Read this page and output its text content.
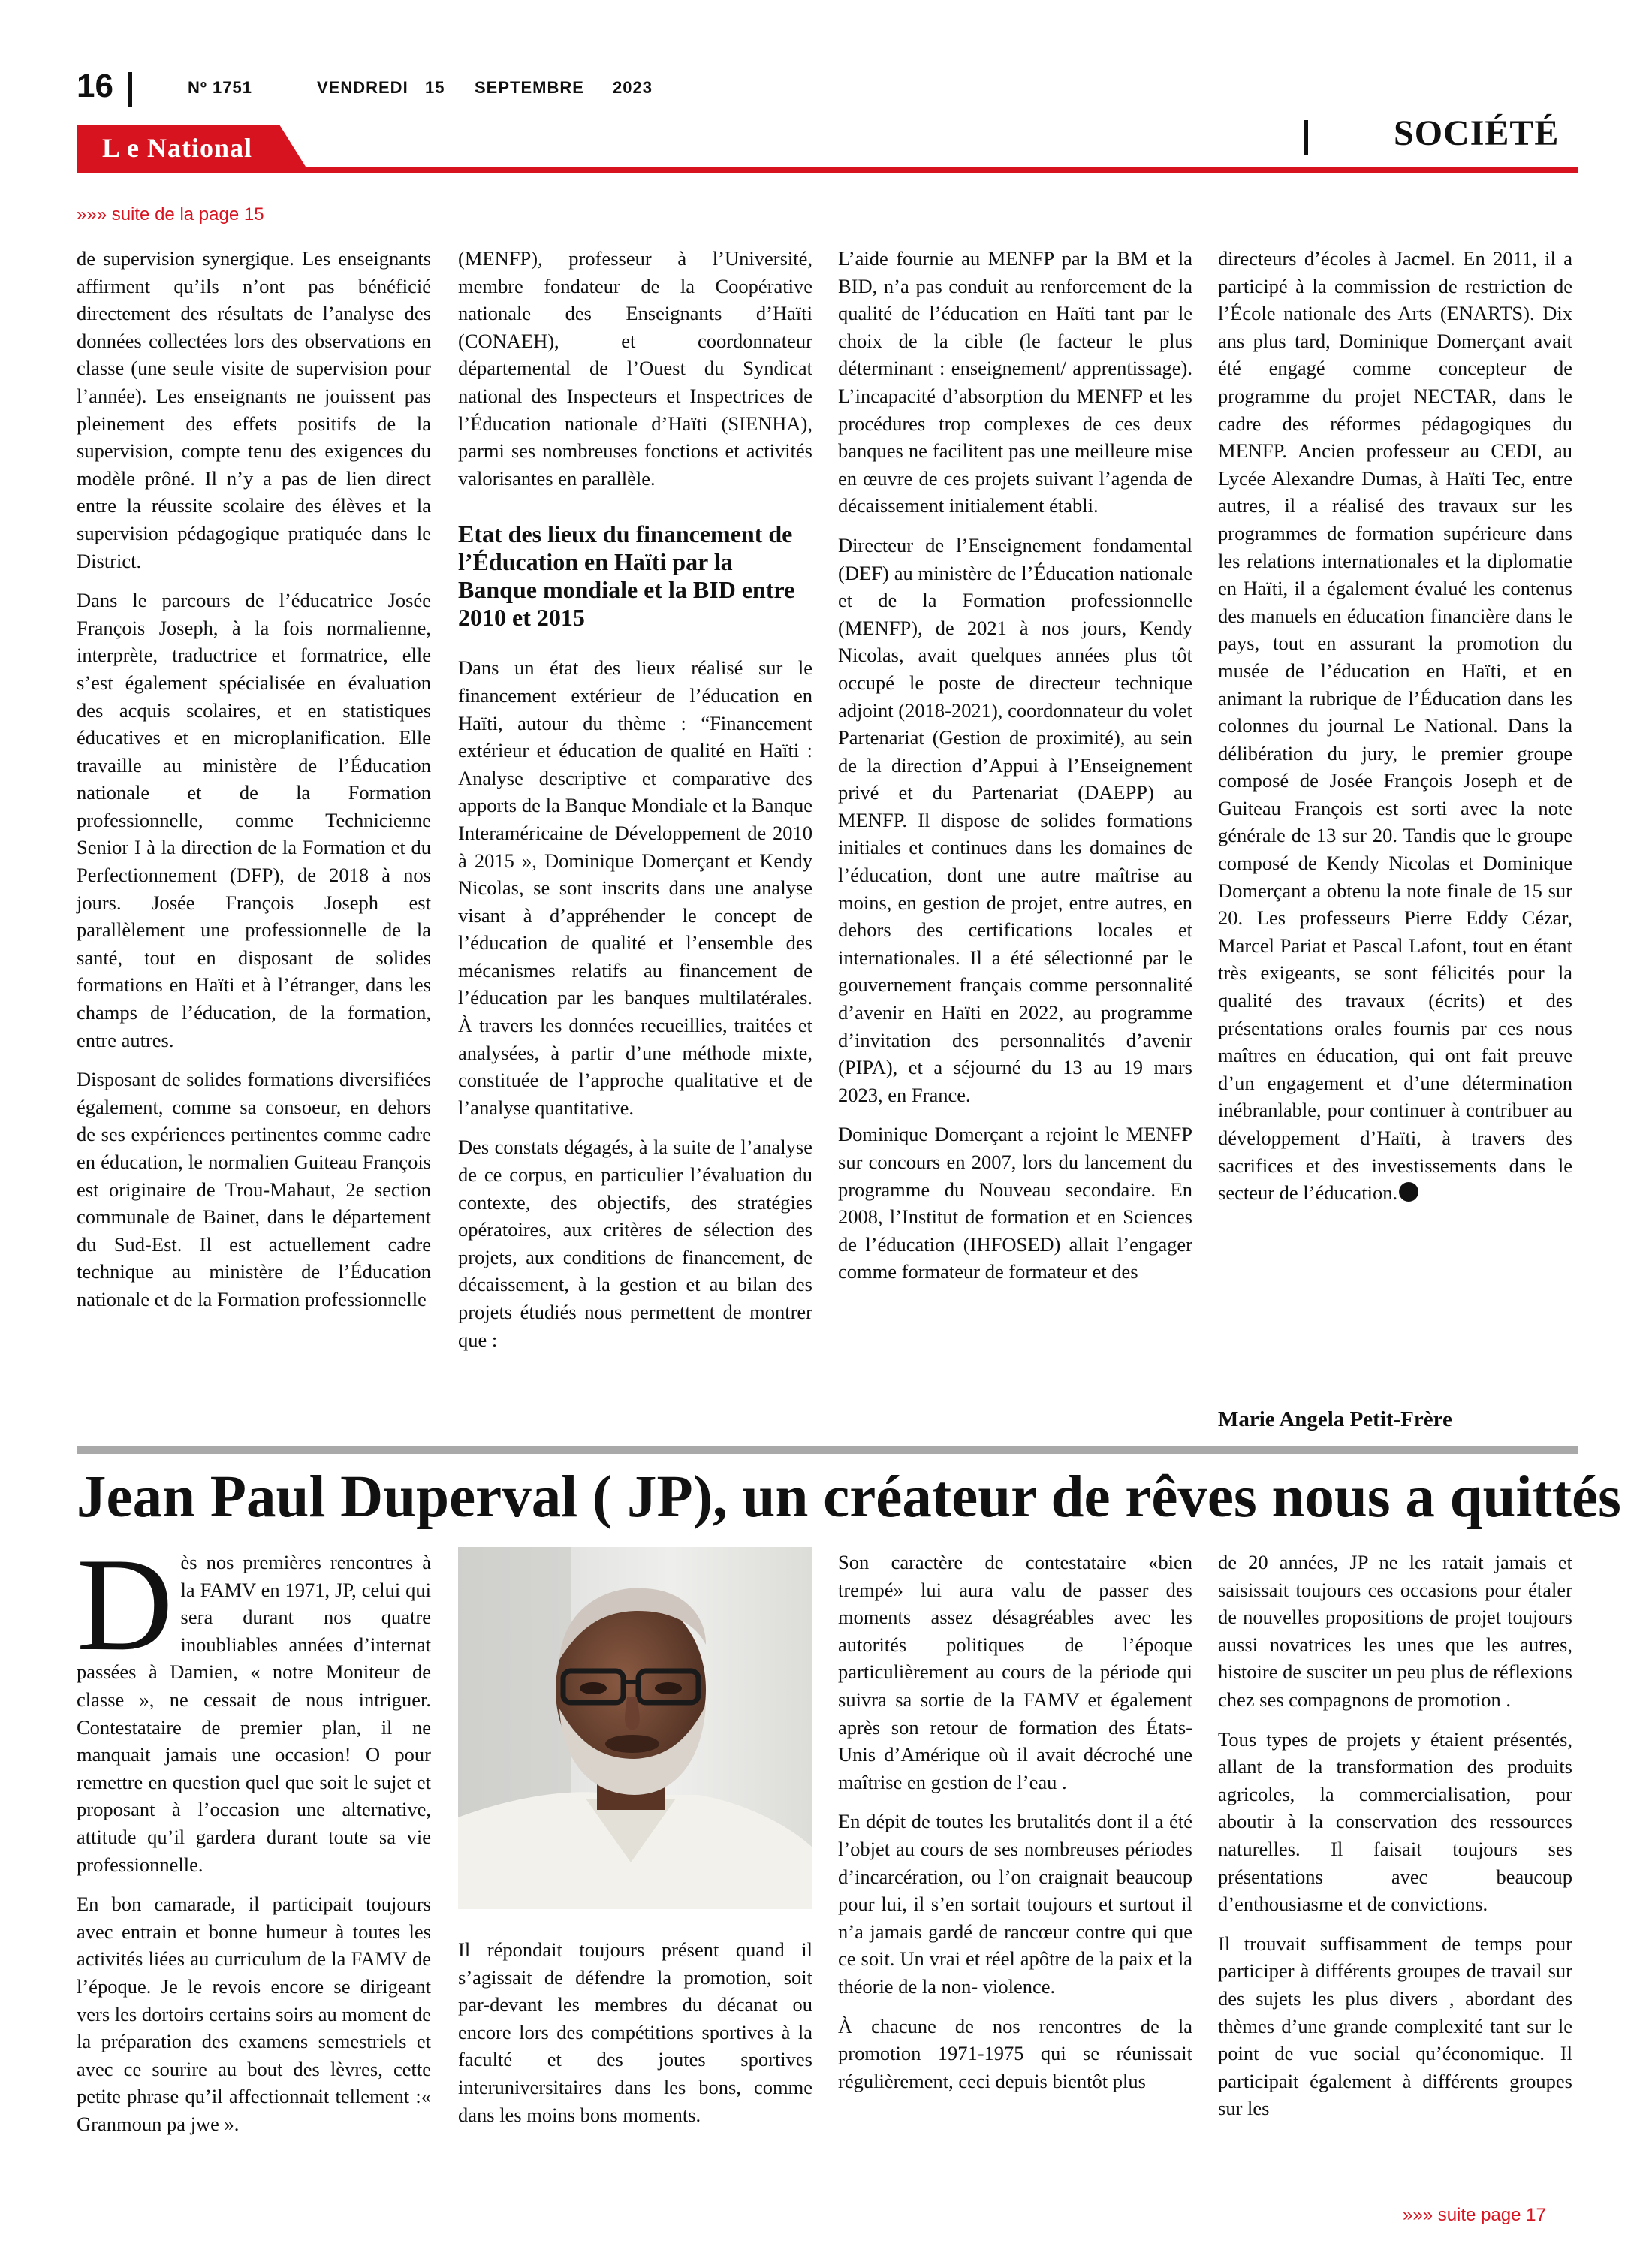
16	Nº 1751	VENDREDI 15 SEPTEMBRE 2023
L e National	SOCIÉTÉ
»»» suite de la page 15

de supervision synergique. Les enseignants affirment qu’ils n’ont pas bénéficié directement des résultats de l’analyse des données collectées lors des observations en classe (une seule visite de supervision pour l’année). Les enseignants ne jouissent pas pleinement des effets positifs de la supervision, compte tenu des exigences du modèle prôné. Il n’y a pas de lien direct entre la réussite scolaire des élèves et la supervision pédagogique pratiquée dans le District.

Dans le parcours de l’éducatrice Josée François Joseph, à la fois normalienne, interprète, traductrice et formatrice, elle s’est également spécialisée en évaluation des acquis scolaires, et en statistiques éducatives et en microplanification. Elle travaille au ministère de l’Éducation nationale et de la Formation professionnelle, comme Technicienne Senior I à la direction de la Formation et du Perfectionnement (DFP), de 2018 à nos jours. Josée François Joseph est parallèlement une professionnelle de la santé, tout en disposant de solides formations en Haïti et à l’étranger, dans les champs de l’éducation, de la formation, entre autres.

Disposant de solides formations diversifiées également, comme sa consoeur, en dehors de ses expériences pertinentes comme cadre en éducation, le normalien Guiteau François est originaire de Trou-Mahaut, 2e section communale de Bainet, dans le département du Sud-Est. Il est actuellement cadre technique au ministère de l’Éducation nationale et de la Formation professionnelle

(MENFP), professeur à l’Université, membre fondateur de la Coopérative nationale des Enseignants d’Haïti (CONAEH), et coordonnateur départemental de l’Ouest du Syndicat national des Inspecteurs et Inspectrices de l’Éducation nationale d’Haïti (SIENHA), parmi ses nombreuses fonctions et activités valorisantes en parallèle.

Etat des lieux du financement de l’Éducation en Haïti par la Banque mondiale et la BID entre 2010 et 2015

Dans un état des lieux réalisé sur le financement extérieur de l’éducation en Haïti, autour du thème : “Financement extérieur et éducation de qualité en Haïti : Analyse descriptive et comparative des apports de la Banque Mondiale et la Banque Interaméricaine de Développement de 2010 à 2015 », Dominique Domerçant et Kendy Nicolas, se sont inscrits dans une analyse visant à d’appréhender le concept de l’éducation de qualité et l’ensemble des mécanismes relatifs au financement de l’éducation par les banques multilatérales. À travers les données recueillies, traitées et analysées, à partir d’une méthode mixte, constituée de l’approche qualitative et de l’analyse quantitative.

Des constats dégagés, à la suite de l’analyse de ce corpus, en particulier l’évaluation du contexte, des objectifs, des stratégies opératoires, aux critères de sélection des projets, aux conditions de financement, de décaissement, à la gestion et au bilan des projets étudiés nous permettent de montrer que :

L’aide fournie au MENFP par la BM et la BID, n’a pas conduit au renforcement de la qualité de l’éducation en Haïti tant par le choix de la cible (le facteur le plus déterminant : enseignement/ apprentissage). L’incapacité d’absorption du MENFP et les procédures trop complexes de ces deux banques ne facilitent pas une meilleure mise en œuvre de ces projets suivant l’agenda de décaissement initialement établi.

Directeur de l’Enseignement fondamental (DEF) au ministère de l’Éducation nationale et de la Formation professionnelle (MENFP), de 2021 à nos jours, Kendy Nicolas, avait quelques années plus tôt occupé le poste de directeur technique adjoint (2018-2021), coordonnateur du volet Partenariat (Gestion de proximité), au sein de la direction d’Appui à l’Enseignement privé et du Partenariat (DAEPP) au MENFP. Il dispose de solides formations initiales et continues dans les domaines de l’éducation, dont une autre maîtrise au moins, en gestion de projet, entre autres, en dehors des certifications locales et internationales. Il a été sélectionné par le gouvernement français comme personnalité d’avenir en Haïti en 2022, au programme d’invitation des personnalités d’avenir (PIPA), et a séjourné du 13 au 19 mars 2023, en France.

Dominique Domerçant a rejoint le MENFP sur concours en 2007, lors du lancement du programme du Nouveau secondaire. En 2008, l’Institut de formation et en Sciences de l’éducation (IHFOSED) allait l’engager comme formateur de formateur et des

directeurs d’écoles à Jacmel. En 2011, il a participé à la commission de restriction de l’École nationale des Arts (ENARTS). Dix ans plus tard, Dominique Domerçant avait été engagé comme concepteur de programme du projet NECTAR, dans le cadre des réformes pédagogiques du MENFP. Ancien professeur au CEDI, au Lycée Alexandre Dumas, à Haïti Tec, entre autres, il a réalisé des travaux sur les programmes de formation supérieure dans les relations internationales et la diplomatie en Haïti, il a également évalué les contenus des manuels en éducation financière dans le pays, tout en assurant la promotion du musée de l’éducation en Haïti, et en animant la rubrique de l’Éducation dans les colonnes du journal Le National. Dans la délibération du jury, le premier groupe composé de Josée François Joseph et de Guiteau François est sorti avec la note générale de 13 sur 20. Tandis que le groupe composé de Kendy Nicolas et Dominique Domerçant a obtenu la note finale de 15 sur 20. Les professeurs Pierre Eddy Cézar, Marcel Pariat et Pascal Lafont, tout en étant très exigeants, se sont félicités pour la qualité des travaux (écrits) et des présentations orales fournis par ces nous maîtres en éducation, qui ont fait preuve d’un engagement et d’une détermination inébranlable, pour continuer à contribuer au développement d’Haïti, à travers des sacrifices et des investissements dans le secteur de l’éducation.

Marie Angela Petit-Frère
Jean Paul Duperval ( JP), un créateur de rêves nous a quittés

Dès nos premières rencontres à la FAMV en 1971, JP, celui qui sera durant nos quatre inoubliables années d’internat passées à Damien, « notre Moniteur de classe », ne cessait de nous intriguer. Contestataire de premier plan, il ne manquait jamais une occasion! O pour remettre en question quel que soit le sujet et proposant à l’occasion une alternative, attitude qu’il gardera durant toute sa vie professionnelle.

En bon camarade, il participait toujours avec entrain et bonne humeur à toutes les activités liées au curriculum de la FAMV de l’époque. Je le revois encore se dirigeant vers les dortoirs certains soirs au moment de la préparation des examens semestriels et avec ce sourire au bout des lèvres, cette petite phrase qu’il affectionnait tellement :« Granmoun pa jwe ».

Il répondait toujours présent quand il s’agissait de défendre la promotion, soit par-devant les membres du décanat ou encore lors des compétitions sportives à la faculté et des joutes sportives interuniversitaires dans les bons, comme dans les moins bons moments.

Son caractère de contestataire «bien trempé» lui aura valu de passer des moments assez désagréables avec les autorités politiques de l’époque particulièrement au cours de la période qui suivra sa sortie de la FAMV et également après son retour de formation des États-Unis d’Amérique où il avait décroché une maîtrise en gestion de l’eau .

En dépit de toutes les brutalités dont il a été l’objet au cours de ses nombreuses périodes d’incarcération, ou l’on craignait beaucoup pour lui, il s’en sortait toujours et surtout il n’a jamais gardé de rancœur contre qui que ce soit. Un vrai et réel apôtre de la paix et la théorie de la non- violence.

À chacune de nos rencontres de la promotion 1971-1975 qui se réunissait régulièrement, ceci depuis bientôt plus

de 20 années, JP ne les ratait jamais et saisissait toujours ces occasions pour étaler de nouvelles propositions de projet toujours aussi novatrices les unes que les autres, histoire de susciter un peu plus de réflexions chez ses compagnons de promotion .

Tous types de projets y étaient présentés, allant de la transformation des produits agricoles, la commercialisation, pour aboutir à la conservation des ressources naturelles. Il faisait toujours ses présentations avec beaucoup d’enthousiasme et de convictions.

Il trouvait suffisamment de temps pour participer à différents groupes de travail sur des sujets les plus divers , abordant des thèmes d’une grande complexité tant sur le point de vue social qu’économique. Il participait également à différents groupes sur les

»»» suite page 17
